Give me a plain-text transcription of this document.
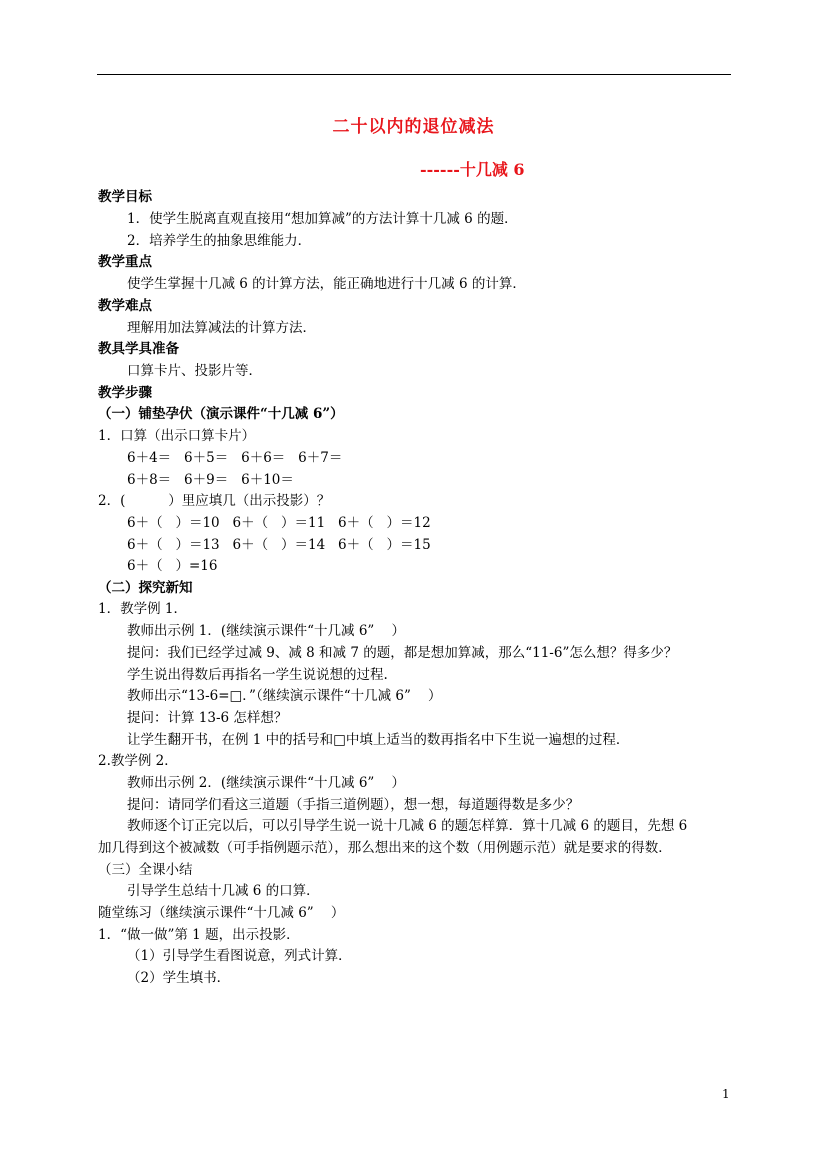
二十以内的退位减法
------十几减 6
教学目标
1．使学生脱离直观直接用“想加算减”的方法计算十几减 6 的题．
2．培养学生的抽象思维能力．
教学重点
使学生掌握十几减 6 的计算方法，能正确地进行十几减 6 的计算．
教学难点
理解用加法算减法的计算方法．
教具学具准备
口算卡片、投影片等．
教学步骤
（一）铺垫孕伏（演示课件“十几减 6”）
1．口算（出示口算卡片）
6＋4＝   6＋5＝   6＋6＝   6＋7＝
6＋8＝   6＋9＝   6＋10＝
2．(          ）里应填几（出示投影）？
6＋（   ）＝10   6＋（   ）＝11   6＋（   ）＝12
6＋（   ）＝13   6＋（   ）＝14   6＋（   ）＝15
6＋（   ）=16
（二）探究新知
1．教学例 1．
教师出示例 1．(继续演示课件“十几减 6”    ）
提问：我们已经学过减 9、减 8 和减 7 的题，都是想加算减，那么“11-6”怎么想？得多少？
学生说出得数后再指名一学生说说想的过程.
教师出示“13-6=□．”（继续演示课件“十几减 6”    ）
提问：计算 13-6 怎样想？
让学生翻开书，在例 1 中的括号和□中填上适当的数再指名中下生说一遍想的过程．
2.教学例 2．
教师出示例 2．(继续演示课件“十几减 6”    ）
提问：请同学们看这三道题（手指三道例题），想一想，每道题得数是多少？
教师逐个订正完以后，可以引导学生说一说十几减 6 的题怎样算．算十几减 6 的题目，先想 6
加几得到这个被减数（可手指例题示范），那么想出来的这个数（用例题示范）就是要求的得数．
（三）全课小结
引导学生总结十几减 6 的口算．
随堂练习（继续演示课件“十几减 6”    ）
1．“做一做”第 1 题，出示投影．
（1）引导学生看图说意，列式计算．
（2）学生填书．
1
